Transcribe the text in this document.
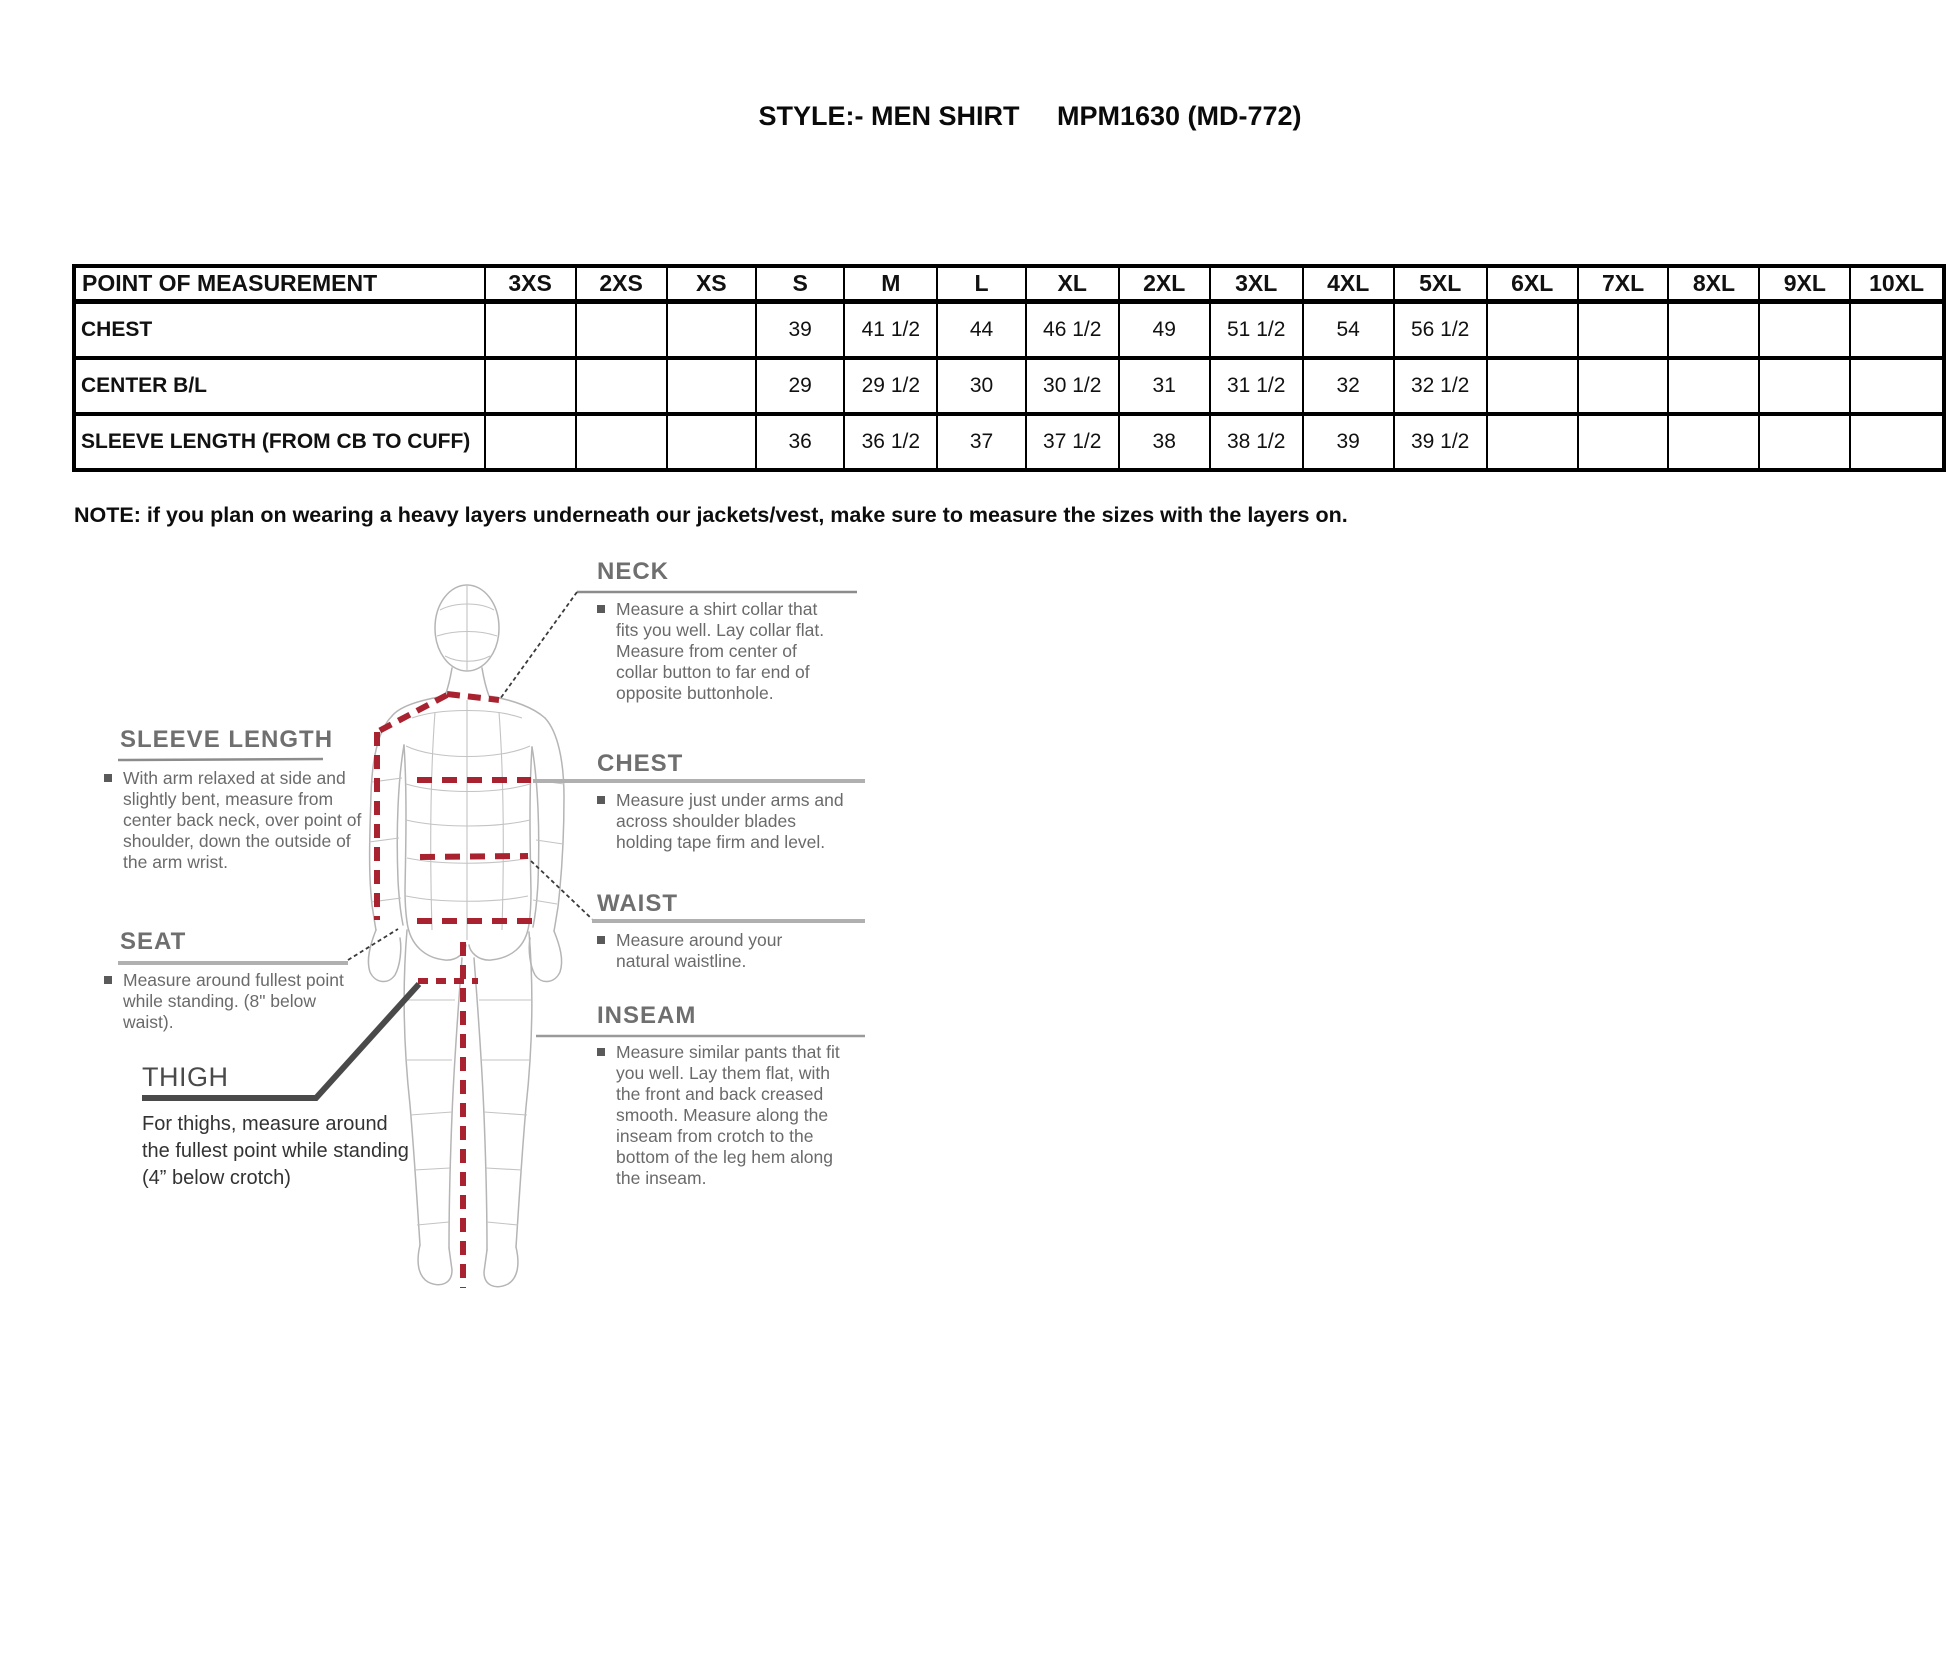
STYLE:- MEN SHIRT     MPM1630 (MD-772)
POINT OF MEASUREMENT	3XS	2XS	XS	S	M	L	XL	2XL	3XL	4XL	5XL	6XL	7XL	8XL	9XL	10XL
CHEST				39	41 1/2	44	46 1/2	49	51 1/2	54	56 1/2					
CENTER B/L				29	29 1/2	30	30 1/2	31	31 1/2	32	32 1/2					
SLEEVE LENGTH (FROM CB TO CUFF)				36	36 1/2	37	37 1/2	38	38 1/2	39	39 1/2					
NOTE: if you plan on wearing a heavy layers underneath our jackets/vest, make sure to measure the sizes with the layers on.
NECK
Measure a shirt collar that fits you well. Lay collar flat. Measure from center of collar button to far end of opposite buttonhole.
SLEEVE LENGTH
With arm relaxed at side and slightly bent, measure from center back neck, over point of shoulder, down the outside of the arm wrist.
CHEST
Measure just under arms and across shoulder blades holding tape firm and level.
SEAT
Measure around fullest point while standing. (8" below waist).
WAIST
Measure around your natural waistline.
THIGH
For thighs, measure around the fullest point while standing (4” below crotch)
INSEAM
Measure similar pants that fit you well. Lay them flat, with the front and back creased smooth. Measure along the inseam from crotch to the bottom of the leg hem along the inseam.
